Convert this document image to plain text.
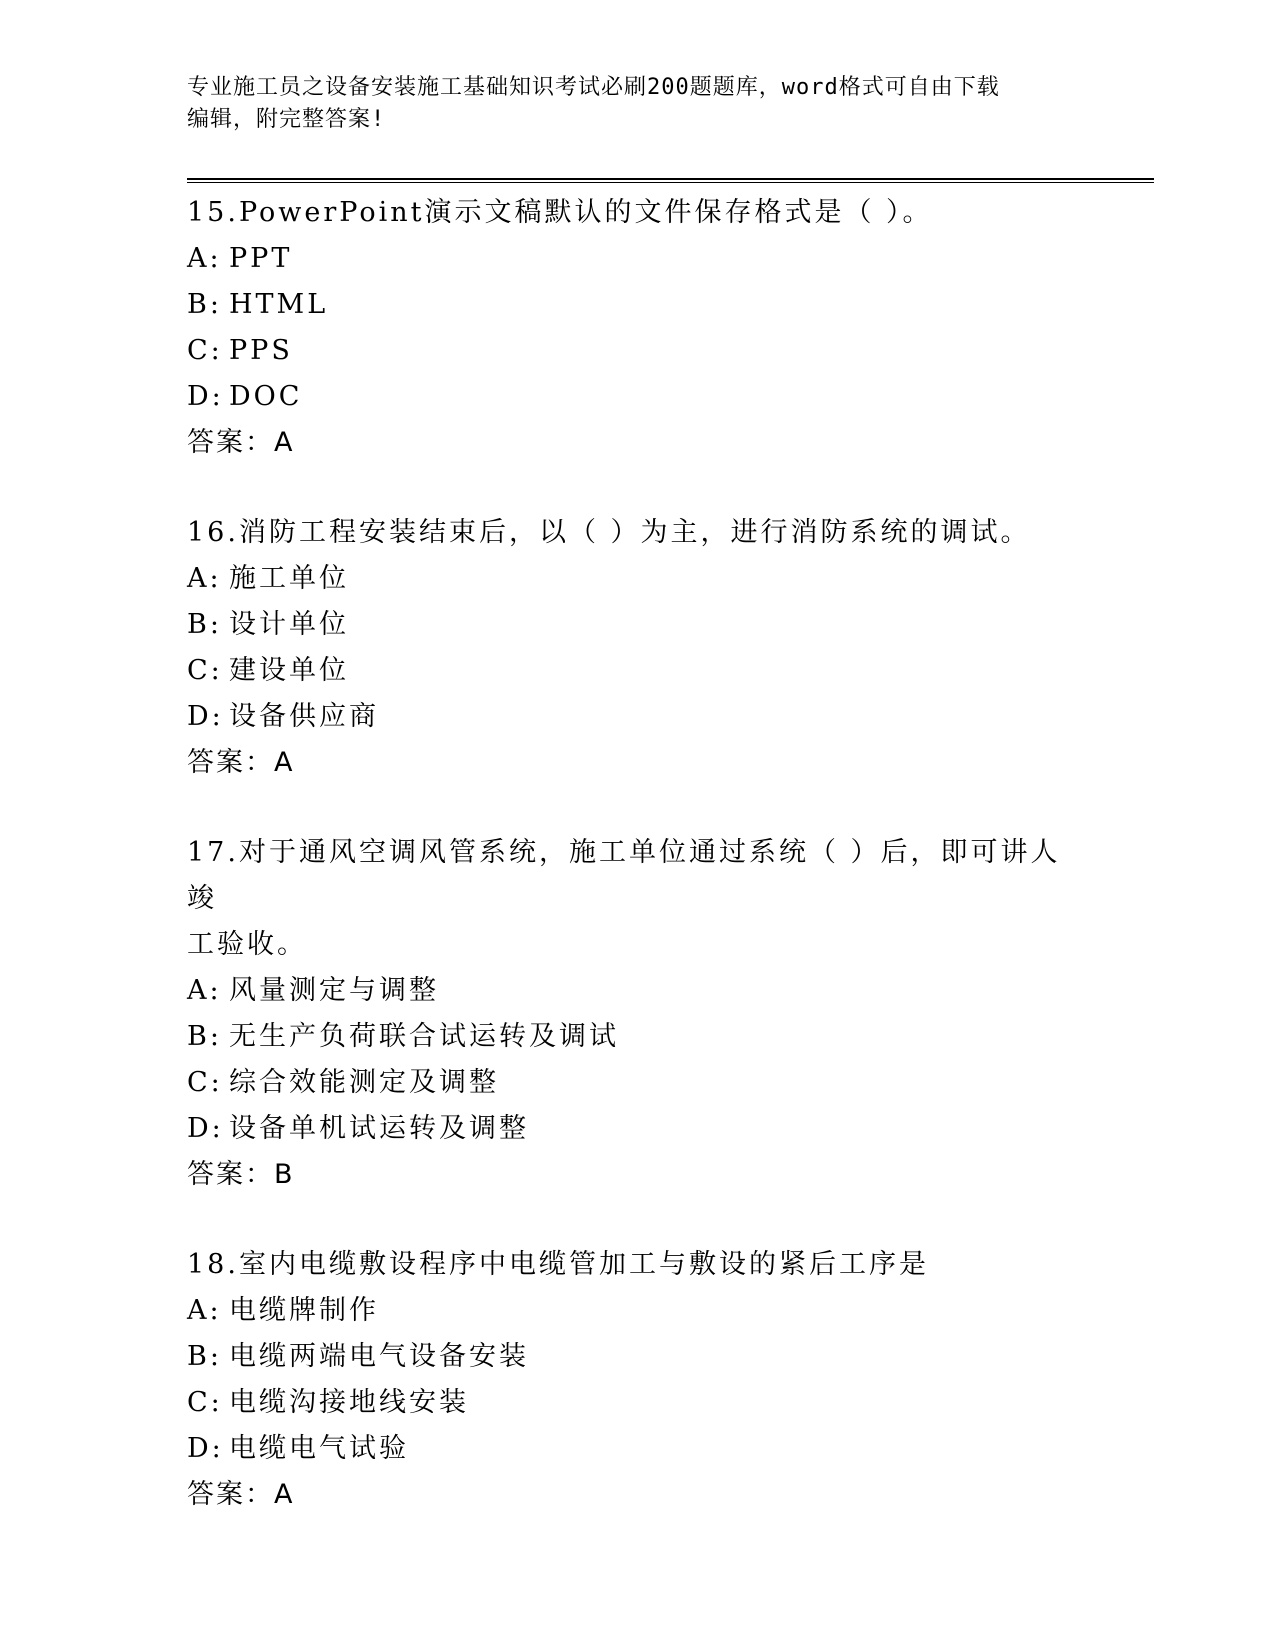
专业施工员之设备安装施工基础知识考试必刷200题题库，word格式可自由下载
编辑，附完整答案!
15.PowerPoint演示文稿默认的文件保存格式是（ ）。
A: PPT
B: HTML
C: PPS
D: DOC
答案：A
16.消防工程安装结束后，以（ ）为主，进行消防系统的调试。
A: 施工单位
B: 设计单位
C: 建设单位
D: 设备供应商
答案：A
17.对于通风空调风管系统，施工单位通过系统（ ）后，即可讲人竣
工验收。
A: 风量测定与调整
B: 无生产负荷联合试运转及调试
C: 综合效能测定及调整
D: 设备单机试运转及调整
答案：B
18.室内电缆敷设程序中电缆管加工与敷设的紧后工序是
A: 电缆牌制作
B: 电缆两端电气设备安装
C: 电缆沟接地线安装
D: 电缆电气试验
答案：A
